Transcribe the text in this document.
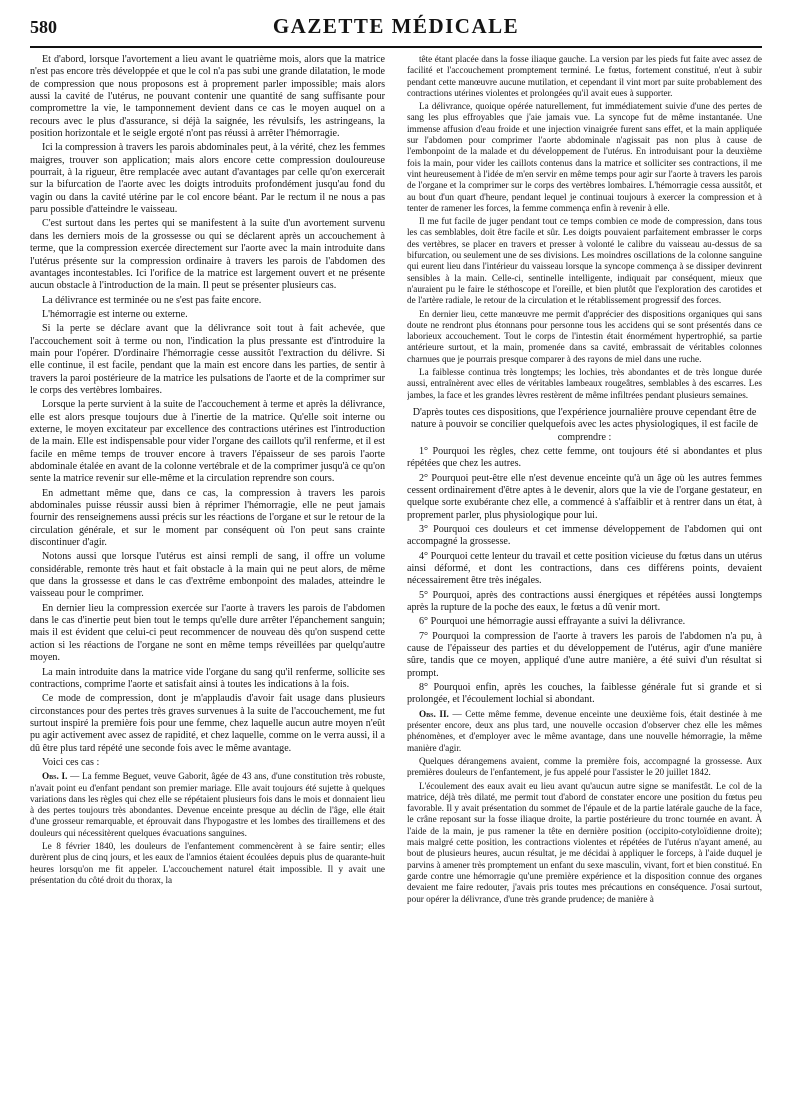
580	GAZETTE MÉDICALE

Et d'abord, lorsque l'avortement a lieu avant le quatrième mois, alors que la matrice n'est pas encore très développée et que le col n'a pas subi une grande dilatation, le mode de compression que nous proposons est à proprement parler impossible; mais alors aussi la cavité de l'utérus, ne pouvant contenir une quantité de sang suffisante pour compromettre la vie, le tamponnement devient dans ce cas le moyen auquel on a recours avec le plus d'assurance, si déjà la saignée, les révulsifs, les astringeans, la position horizontale et le seigle ergoté n'ont pas réussi à arrêter l'hémorragie.

Ici la compression à travers les parois abdominales peut, à la vérité, chez les femmes maigres, trouver son application; mais alors encore cette compression douloureuse pourrait, à la rigueur, être remplacée avec autant d'avantages par celle qu'on exercerait sur la bifurcation de l'aorte avec les doigts introduits profondément jusqu'au fond du vagin ou dans la cavité utérine par le col encore béant. Par le rectum il ne nous a pas paru possible d'atteindre le vaisseau.

C'est surtout dans les pertes qui se manifestent à la suite d'un avortement survenu dans les derniers mois de la grossesse ou qui se déclarent après un accouchement à terme, que la compression exercée directement sur l'aorte avec la main introduite dans l'utérus présente sur la compression ordinaire à travers les parois de l'abdomen des avantages incontestables. Ici l'orifice de la matrice est largement ouvert et ne présente aucun obstacle à l'introduction de la main. Il peut se présenter plusieurs cas.

La délivrance est terminée ou ne s'est pas faite encore.

L'hémorragie est interne ou externe.

Si la perte se déclare avant que la délivrance soit tout à fait achevée, que l'accouchement soit à terme ou non, l'indication la plus pressante est d'introduire la main pour l'opérer. D'ordinaire l'hémorragie cesse aussitôt l'extraction du délivre. Si elle continue, il est facile, pendant que la main est encore dans les parties, de sentir à travers la paroi postérieure de la matrice les pulsations de l'aorte et de la comprimer sur le corps des vertèbres lombaires.

Lorsque la perte survient à la suite de l'accouchement à terme et après la délivrance, elle est alors presque toujours due à l'inertie de la matrice. Qu'elle soit interne ou externe, le moyen excitateur par excellence des contractions utérines est l'introduction de la main. Elle est indispensable pour vider l'organe des caillots qu'il renferme, et il est facile en même temps de trouver encore à travers l'épaisseur de ses parois l'aorte abdominale étalée en avant de la colonne vertébrale et de la comprimer jusqu'à ce qu'on sente la matrice revenir sur elle-même et la circulation reprendre son cours.

En admettant même que, dans ce cas, la compression à travers les parois abdominales puisse réussir aussi bien à réprimer l'hémorragie, elle ne peut jamais fournir des renseignemens aussi précis sur les réactions de l'organe et sur le retour de la circulation générale, et sur le moment par conséquent où l'on peut sans crainte discontinuer d'agir.

Notons aussi que lorsque l'utérus est ainsi rempli de sang, il offre un volume considérable, remonte très haut et fait obstacle à la main qui ne peut alors, de même que dans la grossesse et dans le cas d'extrême embonpoint des malades, atteindre le vaisseau pour le comprimer.

En dernier lieu la compression exercée sur l'aorte à travers les parois de l'abdomen dans le cas d'inertie peut bien tout le temps qu'elle dure arrêter l'épanchement sanguin; mais il est évident que celui-ci peut recommencer de nouveau dès qu'on suspend cette action si les réactions de l'organe ne sont en même temps réveillées par quelqu'autre moyen.

La main introduite dans la matrice vide l'organe du sang qu'il renferme, sollicite ses contractions, comprime l'aorte et satisfait ainsi à toutes les indications à la fois.

Ce mode de compression, dont je m'applaudis d'avoir fait usage dans plusieurs circonstances pour des pertes très graves survenues à la suite de l'accouchement, me fut surtout inspiré la première fois pour une femme, chez laquelle aucun autre moyen n'eût pu agir activement avec assez de rapidité, et chez laquelle, comme on le verra aussi, il a dû être plus tard répété une seconde fois avec le même avantage.

Voici ces cas :

Obs. I. — La femme Beguet, veuve Gaborit, âgée de 43 ans, d'une constitution très robuste, n'avait point eu d'enfant pendant son premier mariage. Elle avait toujours été sujette à quelques variations dans les règles qui chez elle se répétaient plusieurs fois dans le mois et donnaient lieu à des pertes toujours très abondantes. Devenue enceinte presque au déclin de l'âge, elle était d'une grosseur remarquable, et éprouvait dans l'hypogastre et les lombes des tiraillemens et des douleurs qui nécessitèrent quelques évacuations sanguines.

Le 8 février 1840, les douleurs de l'enfantement commencèrent à se faire sentir; elles durèrent plus de cinq jours, et les eaux de l'amnios étaient écoulées depuis plus de quarante-huit heures lorsqu'on me fit appeler. L'accouchement naturel était impossible. Il y avait une présentation du côté droit du thorax, la

tête étant placée dans la fosse iliaque gauche. La version par les pieds fut faite avec assez de facilité et l'accouchement promptement terminé. Le fœtus, fortement constitué, n'eut à subir pendant cette manœuvre aucune mutilation, et cependant il vint mort par suite probablement des contractions utérines violentes et prolongées qu'il avait eues à supporter.

La délivrance, quoique opérée naturellement, fut immédiatement suivie d'une des pertes de sang les plus effroyables que j'aie jamais vue. La syncope fut de même instantanée. Une immense affusion d'eau froide et une injection vinaigrée furent sans effet, et la main appliquée sur l'abdomen pour comprimer l'aorte abdominale n'agissait pas non plus à cause de l'embonpoint de la malade et du développement de l'utérus. En introduisant pour la deuxième fois la main, pour vider les caillots contenus dans la matrice et solliciter ses contractions, il me vint heureusement à l'idée de m'en servir en même temps pour agir sur l'aorte à travers les parois de l'organe et la comprimer sur le corps des vertèbres lombaires. L'hémorragie cessa aussitôt, et au bout d'un quart d'heure, pendant lequel je continuai toujours à exercer la compression et à tenter de ramener les forces, la femme commença enfin à revenir à elle.

Il me fut facile de juger pendant tout ce temps combien ce mode de compression, dans tous les cas semblables, doit être facile et sûr. Les doigts pouvaient parfaitement embrasser le corps des vertèbres, se placer en travers et presser à volonté le calibre du vaisseau au-dessus de sa bifurcation, ou seulement une de ses divisions. Les moindres oscillations de la colonne sanguine qui eurent lieu dans l'intérieur du vaisseau lorsque la syncope commença à se dissiper devinrent sensibles à la main. Celle-ci, sentinelle intelligente, indiquait par conséquent, mieux que n'auraient pu le faire le stéthoscope et l'oreille, et bien plutôt que l'exploration des carotides et de l'artère radiale, le retour de la circulation et le rétablissement progressif des forces.

En dernier lieu, cette manœuvre me permit d'apprécier des dispositions organiques qui sans doute ne rendront plus étonnans pour personne tous les accidens qui se sont présentés dans ce laborieux accouchement. Tout le corps de l'intestin était énormément hypertrophié, sa partie antérieure surtout, et la main, promenée dans sa cavité, embrassait de véritables colonnes charnues que je pourrais presque comparer à des rayons de miel dans une ruche.

La faiblesse continua très longtemps; les lochies, très abondantes et de très longue durée aussi, entraînèrent avec elles de véritables lambeaux rougeâtres, semblables à des escarres. Les jambes, la face et les grandes lèvres restèrent de même infiltrées pendant plusieurs semaines.

D'après toutes ces dispositions, que l'expérience journalière prouve cependant être de nature à pouvoir se concilier quelquefois avec les actes physiologiques, il est facile de comprendre :

1° Pourquoi les règles, chez cette femme, ont toujours été si abondantes et plus répétées que chez les autres.

2° Pourquoi peut-être elle n'est devenue enceinte qu'à un âge où les autres femmes cessent ordinairement d'être aptes à le devenir, alors que la vie de l'organe gestateur, en quelque sorte exubérante chez elle, a commencé à s'affaiblir et à rentrer dans un état, à proprement parler, plus physiologique pour lui.

3° Pourquoi ces douleurs et cet immense développement de l'abdomen qui ont accompagné la grossesse.

4° Pourquoi cette lenteur du travail et cette position vicieuse du fœtus dans un utérus ainsi déformé, et dont les contractions, dans ces différens points, devaient nécessairement être très inégales.

5° Pourquoi, après des contractions aussi énergiques et répétées aussi longtemps après la rupture de la poche des eaux, le fœtus a dû venir mort.

6° Pourquoi une hémorragie aussi effrayante a suivi la délivrance.

7° Pourquoi la compression de l'aorte à travers les parois de l'abdomen n'a pu, à cause de l'épaisseur des parties et du développement de l'utérus, agir d'une manière sûre, tandis que ce moyen, appliqué d'une autre manière, a été suivi d'un résultat si prompt.

8° Pourquoi enfin, après les couches, la faiblesse générale fut si grande et si prolongée, et l'écoulement lochial si abondant.

Obs. II. — Cette même femme, devenue enceinte une deuxième fois, était destinée à me présenter encore, deux ans plus tard, une nouvelle occasion d'observer chez elle les mêmes phénomènes, et d'employer avec le même avantage, dans une nouvelle hémorragie, la même manière d'agir.

Quelques dérangemens avaient, comme la première fois, accompagné la grossesse. Aux premières douleurs de l'enfantement, je fus appelé pour l'assister le 20 juillet 1842.

L'écoulement des eaux avait eu lieu avant qu'aucun autre signe se manifestât. Le col de la matrice, déjà très dilaté, me permit tout d'abord de constater encore une position du fœtus peu favorable. Il y avait présentation du sommet de l'épaule et de la partie latérale gauche de la face, le crâne reposant sur la fosse iliaque droite, la partie postérieure du tronc tournée en avant. À l'aide de la main, je pus ramener la tête en dernière position (occipito-cotyloïdienne droite); mais malgré cette position, les contractions violentes et répétées de l'utérus n'ayant amené, au bout de plusieurs heures, aucun résultat, je me décidai à appliquer le forceps, à l'aide duquel je parvins à amener très promptement un enfant du sexe masculin, vivant, fort et bien constitué. En garde contre une hémorragie qu'une première expérience et la disposition connue des organes devaient me faire redouter, j'avais pris toutes mes précautions en conséquence. J'osai surtout, pour opérer la délivrance, d'une très grande prudence; de manière à
